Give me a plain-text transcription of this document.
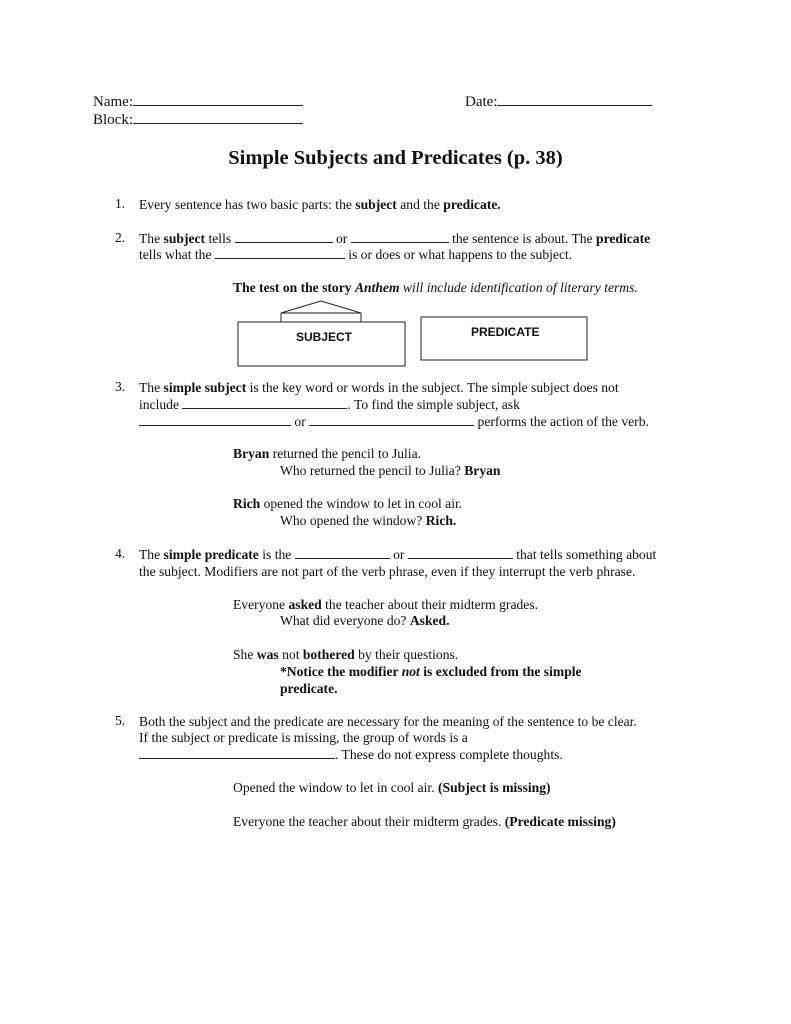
Name:
Block:
Date:
Simple Subjects and Predicates (p. 38)
1. Every sentence has two basic parts: the subject and the predicate.
2. The subject tells	or	the sentence is about. The predicate
tells what the	is or does or what happens to the subject.
The test on the story Anthem will include identification of literary terms.
SUBJECT	PREDICATE
3. The simple subject is the key word or words in the subject. The simple subject does not
include	. To find the simple subject, ask
or	performs the action of the verb.
Bryan returned the pencil to Julia.
Who returned the pencil to Julia? Bryan
Rich opened the window to let in cool air.
Who opened the window? Rich.
4. The simple predicate is the	or	that tells something about
the subject. Modifiers are not part of the verb phrase, even if they interrupt the verb phrase.
Everyone asked the teacher about their midterm grades.
What did everyone do? Asked.
She was not bothered by their questions.
*Notice the modifier not is excluded from the simple
predicate.
5. Both the subject and the predicate are necessary for the meaning of the sentence to be clear.
If the subject or predicate is missing, the group of words is a
. These do not express complete thoughts.
Opened the window to let in cool air. (Subject is missing)
Everyone the teacher about their midterm grades. (Predicate missing)
